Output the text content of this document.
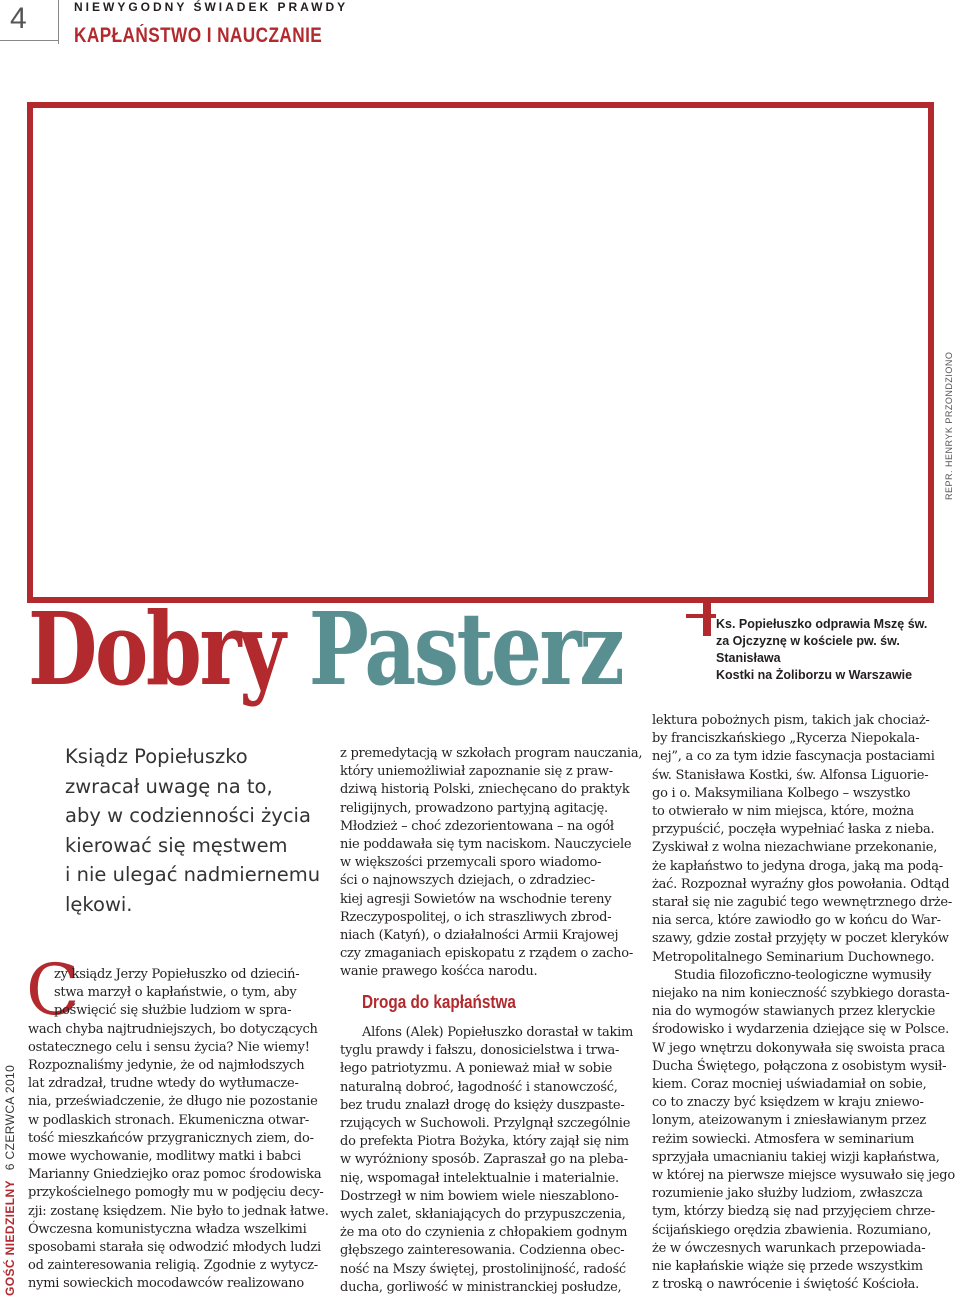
4	NIEWYGODNY ŚWIADEK PRAWDY
KAPŁAŃSTWO I NAUCZANIE
REPR. HENRYK PRZONDZIONO
Ks. Popiełuszko odprawia Mszę św.
za Ojczyznę w kościele pw. św. Stanisława
Kostki na Żoliborzu w Warszawie
Dobry Pasterz

Ksiądz Popiełuszko

zwracał uwagę na to,

aby w codzienności życia

kierować się męstwem

i nie ulegać nadmiernemu

lękowi.

C

zy ksiądz Jerzy Popiełuszko od dzieciń-

stwa marzył o kapłaństwie, o tym, aby

poświęcić się służbie ludziom w spra-

wach chyba najtrudniejszych, bo dotyczących

ostatecznego celu i sensu życia? Nie wiemy!

Rozpoznaliśmy jedynie, że od najmłodszych

lat zdradzał, trudne wtedy do wytłumacze-

nia, przeświadczenie, że długo nie pozostanie

w podlaskich stronach. Ekumeniczna otwar-

tość mieszkańców przygranicznych ziem, do-

mowe wychowanie, modlitwy matki i babci

Marianny Gniedziejko oraz pomoc środowiska

przykościelnego pomogły mu w podjęciu decy-

zji: zostanę księdzem. Nie było to jednak łatwe.

Ówczesna komunistyczna władza wszelkimi

sposobami starała się odwodzić młodych ludzi

od zainteresowania religią. Zgodnie z wytycz-

nymi sowieckich mocodawców realizowano

z premedytacją w szkołach program nauczania,

który uniemożliwiał zapoznanie się z praw-

dziwą historią Polski, zniechęcano do praktyk

religijnych, prowadzono partyjną agitację.

Młodzież – choć zdezorientowana – na ogół

nie poddawała się tym naciskom. Nauczyciele

w większości przemycali sporo wiadomo-

ści o najnowszych dziejach, o zdradziec-

kiej agresji Sowietów na wschodnie tereny

Rzeczypospolitej, o ich straszliwych zbrod-

niach (Katyń), o działalności Armii Krajowej

czy zmaganiach episkopatu z rządem o zacho-

wanie prawego kośćca narodu.

Droga do kapłaństwa

Alfons (Alek) Popiełuszko dorastał w takim

tyglu prawdy i fałszu, donosicielstwa i trwa-

łego patriotyzmu. A ponieważ miał w sobie

naturalną dobroć, łagodność i stanowczość,

bez trudu znalazł drogę do księży duszpaste-

rzujących w Suchowoli. Przylgnął szczególnie

do prefekta Piotra Bożyka, który zajął się nim

w wyróżniony sposób. Zapraszał go na pleba-

nię, wspomagał intelektualnie i materialnie.

Dostrzegł w nim bowiem wiele nieszablono-

wych zalet, skłaniających do przypuszczenia,

że ma oto do czynienia z chłopakiem godnym

głębszego zainteresowania. Codzienna obec-

ność na Mszy świętej, prostolinijność, radość

ducha, gorliwość w ministranckiej posłudze,

lektura pobożnych pism, takich jak chociaż-

by franciszkańskiego „Rycerza Niepokala-

nej”, a co za tym idzie fascynacja postaciami

św. Stanisława Kostki, św. Alfonsa Liguorie-

go i o. Maksymiliana Kolbego – wszystko

to otwierało w nim miejsca, które, można

przypuścić, poczęła wypełniać łaska z nieba.

Zyskiwał z wolna niezachwiane przekonanie,

że kapłaństwo to jedyna droga, jaką ma podą-

żać. Rozpoznał wyraźny głos powołania. Odtąd

starał się nie zagubić tego wewnętrznego drże-

nia serca, które zawiodło go w końcu do War-

szawy, gdzie został przyjęty w poczet kleryków

Metropolitalnego Seminarium Duchownego.

Studia filozoficzno-teologiczne wymusiły

niejako na nim konieczność szybkiego dorasta-

nia do wymogów stawianych przez kleryckie

środowisko i wydarzenia dziejące się w Polsce.

W jego wnętrzu dokonywała się swoista praca

Ducha Świętego, połączona z osobistym wysił-

kiem. Coraz mocniej uświadamiał on sobie,

co to znaczy być księdzem w kraju zniewo-

lonym, ateizowanym i zniesławianym przez

reżim sowiecki. Atmosfera w seminarium

sprzyjała umacnianiu takiej wizji kapłaństwa,

w której na pierwsze miejsce wysuwało się jego

rozumienie jako służby ludziom, zwłaszcza

tym, którzy biedzą się nad przyjęciem chrze-

ścijańskiego orędzia zbawienia. Rozumiano,

że w ówczesnych warunkach przepowiada-

nie kapłańskie wiąże się przede wszystkim

z troską o nawrócenie i świętość Kościoła.

GOŚĆ NIEDZIELNY 6 CZERWCA 2010
